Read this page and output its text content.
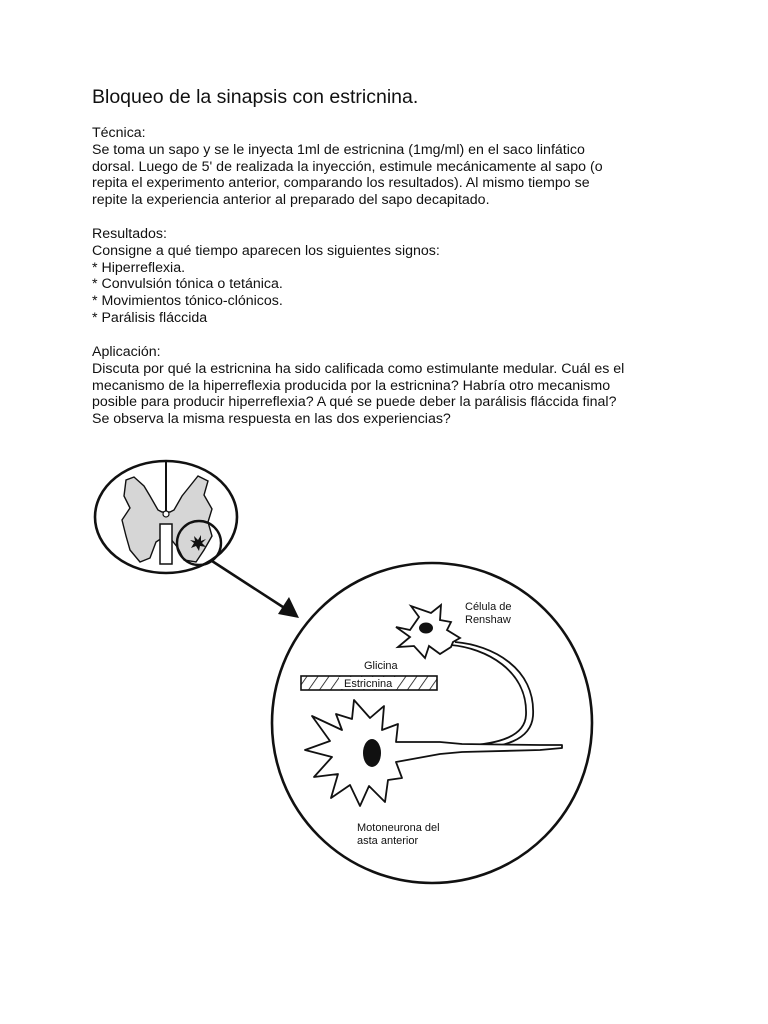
Bloqueo de la sinapsis con estricnina.
Técnica:
Se toma un sapo y se le inyecta 1ml de estricnina (1mg/ml) en el saco linfático
dorsal. Luego de 5' de realizada la inyección, estimule mecánicamente al sapo (o
repita el experimento anterior, comparando los resultados). Al mismo tiempo se
repite la experiencia anterior al preparado del sapo decapitado.
Resultados:
Consigne a qué tiempo aparecen los siguientes signos:
* Hiperreflexia.
* Convulsión tónica o tetánica.
* Movimientos tónico-clónicos.
* Parálisis fláccida
Aplicación:
Discuta por qué la estricnina ha sido calificada como estimulante medular. Cuál es el
mecanismo de la hiperreflexia producida por la estricnina? Habría otro mecanismo
posible para producir hiperreflexia? A qué se puede deber la parálisis fláccida final?
Se observa la misma respuesta en las dos experiencias?
Célula de
Renshaw
Glicina
Estricnina
Motoneurona del
asta anterior
